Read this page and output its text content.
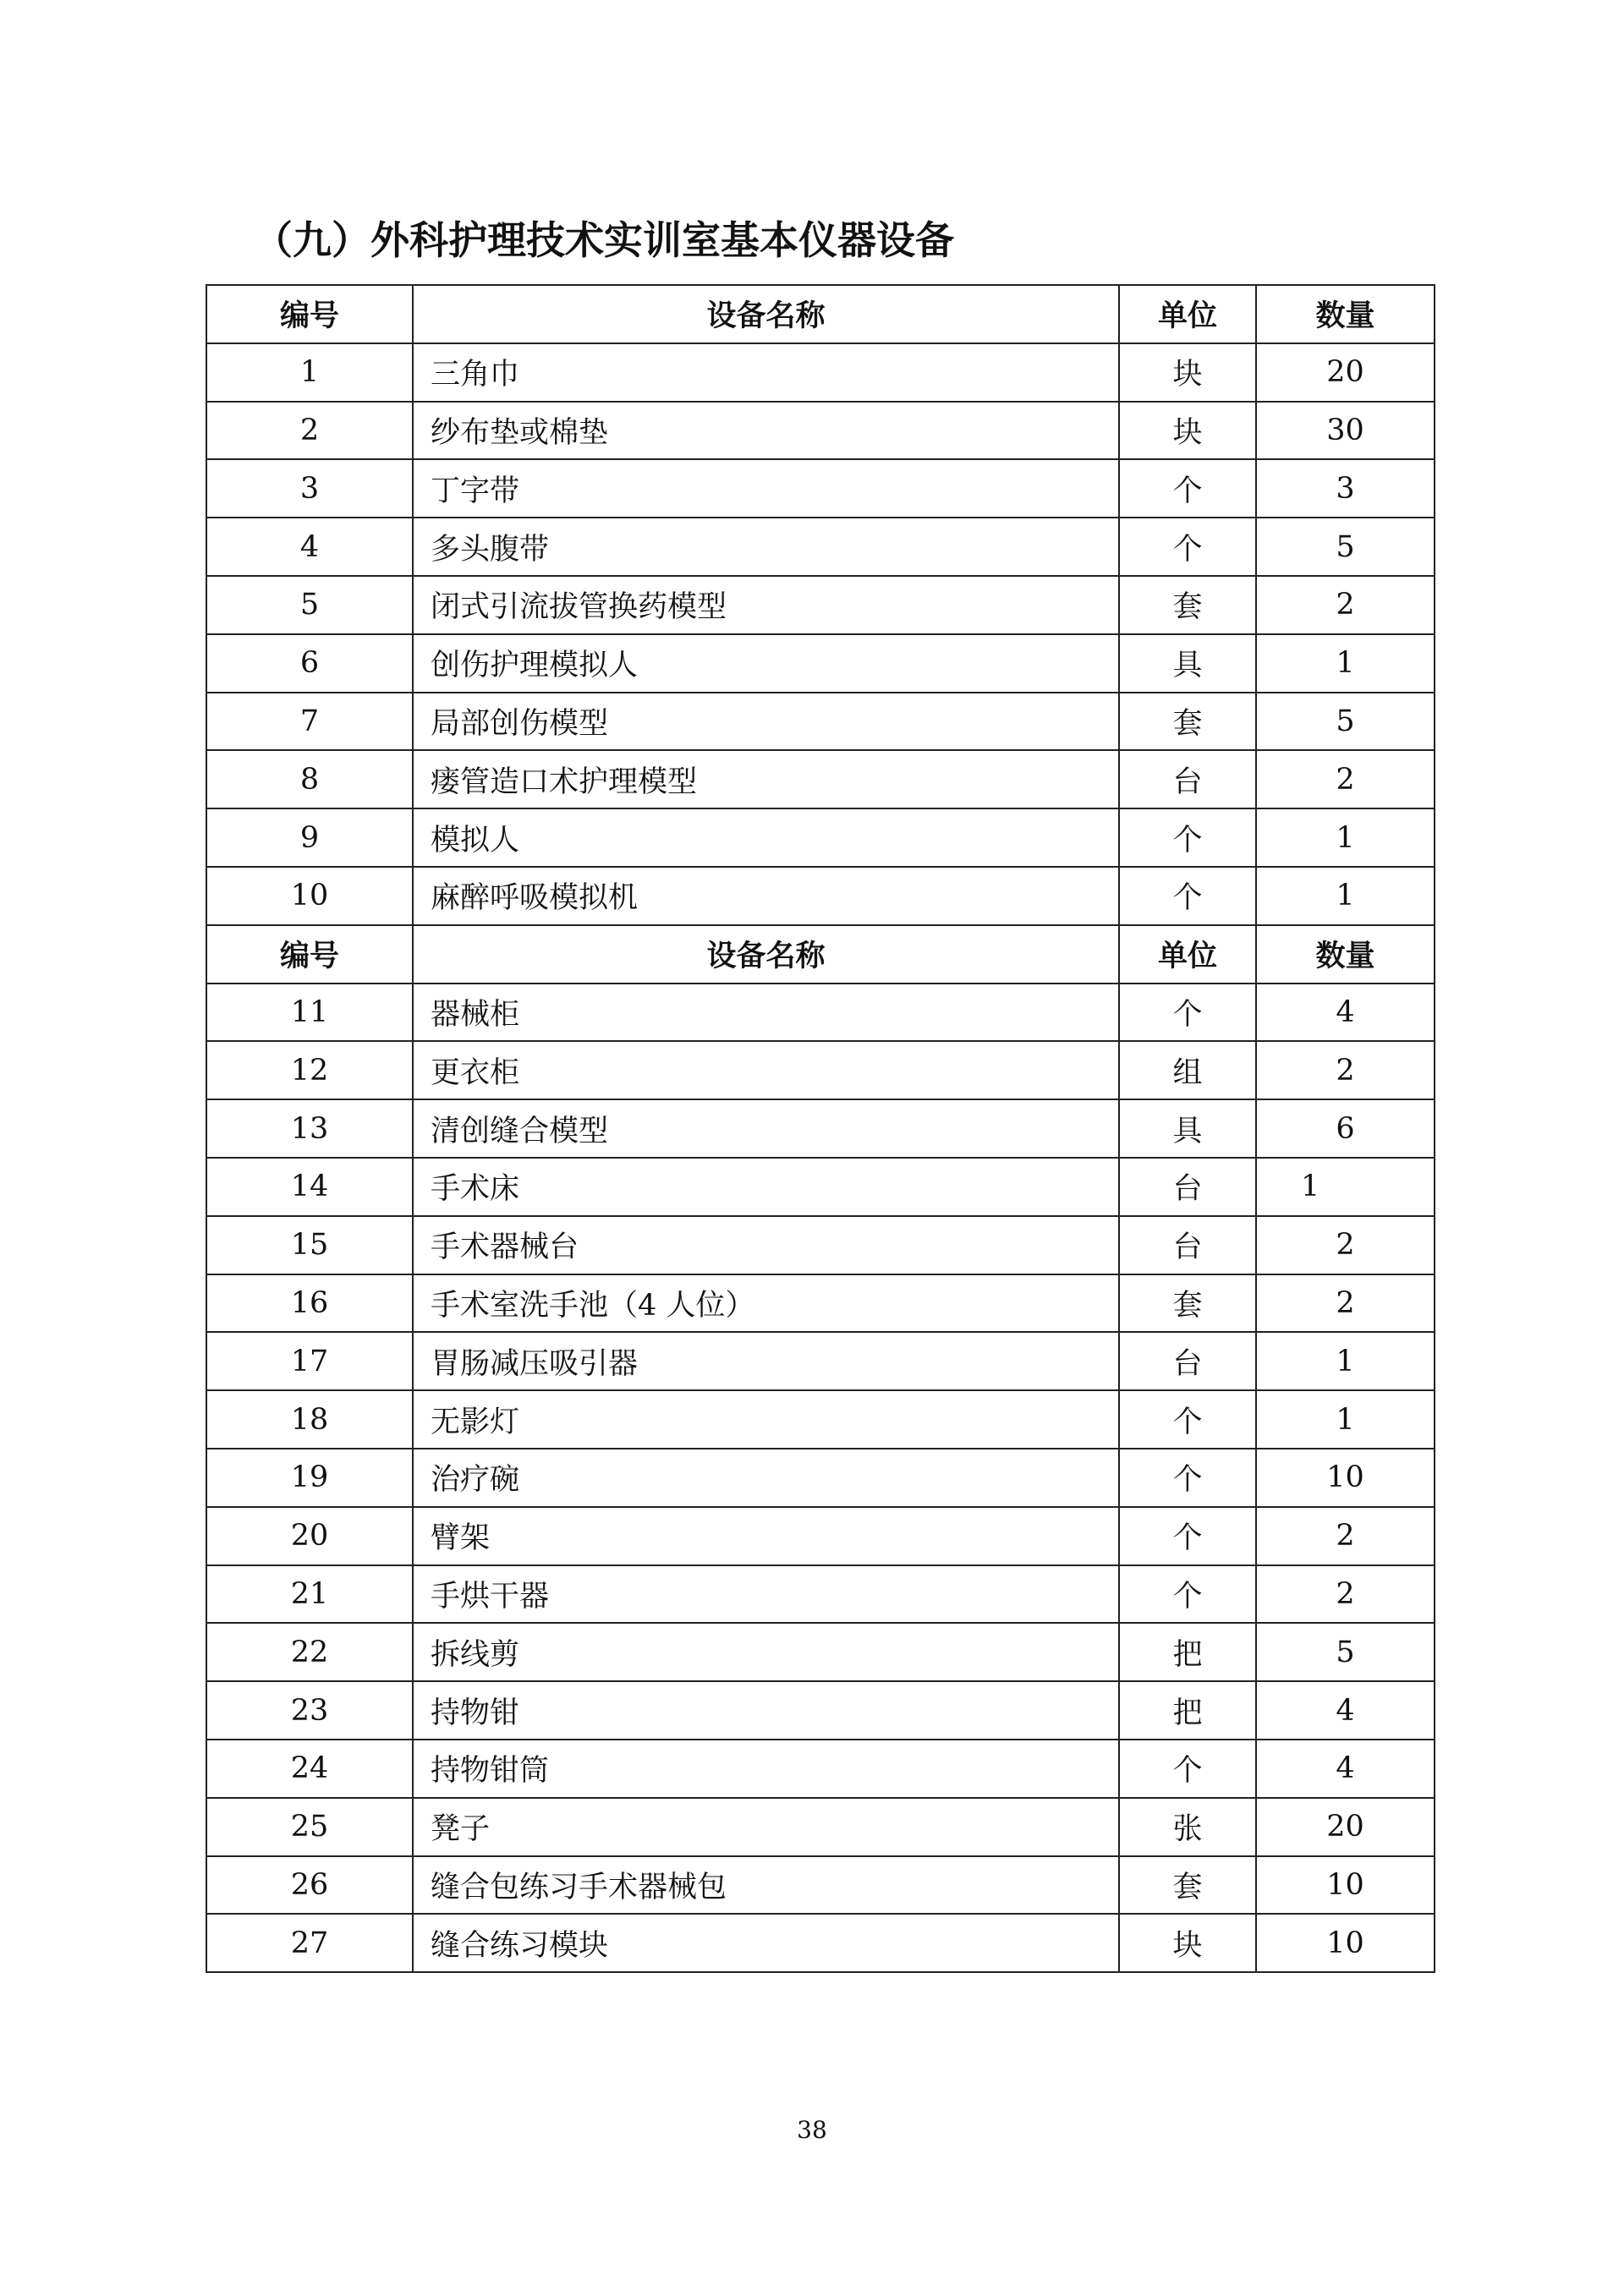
（九）外科护理技术实训室基本仪器设备
编号	设备名称	单位	数量
1	三角巾	块	20
2	纱布垫或棉垫	块	30
3	丁字带	个	3
4	多头腹带	个	5
5	闭式引流拔管换药模型	套	2
6	创伤护理模拟人	具	1
7	局部创伤模型	套	5
8	瘘管造口术护理模型	台	2
9	模拟人	个	1
10	麻醉呼吸模拟机	个	1
编号	设备名称	单位	数量
11	器械柜	个	4
12	更衣柜	组	2
13	清创缝合模型	具	6
14	手术床	台	1
15	手术器械台	台	2
16	手术室洗手池（4 人位）	套	2
17	胃肠减压吸引器	台	1
18	无影灯	个	1
19	治疗碗	个	10
20	臂架	个	2
21	手烘干器	个	2
22	拆线剪	把	5
23	持物钳	把	4
24	持物钳筒	个	4
25	凳子	张	20
26	缝合包练习手术器械包	套	10
27	缝合练习模块	块	10
38
